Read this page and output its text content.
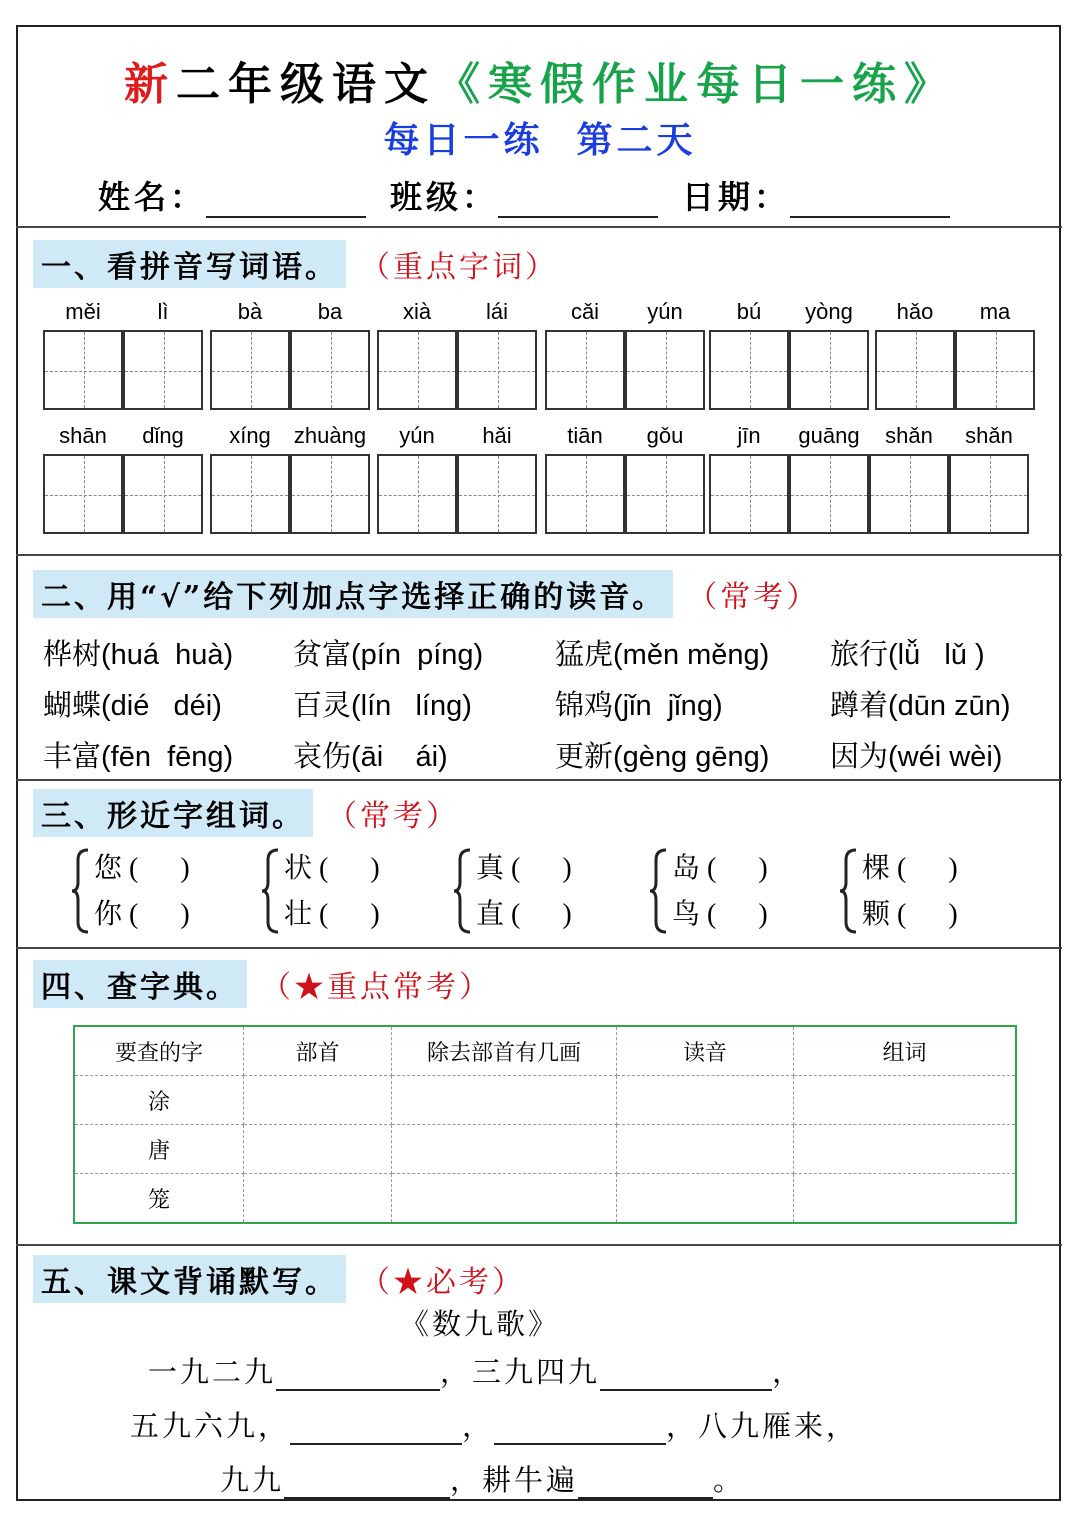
新二年级语文《寒假作业每日一练》
每日一练  第二天
姓名：	班级：	日期：
一、看拼音写词语。 （重点字词）
měi	lì	bà	ba	xià	lái	cǎi	yún	bú	yòng	hǎo	ma
shān	dǐng	xíng	zhuàng	yún	hǎi	tiān	gǒu	jīn	guāng	shǎn	shǎn
二、用“√”给下列加点字选择正确的读音。 （常考）
桦树(huá  huà) 贫富(pín  píng) 猛虎(měn měng) 旅行(lǚ   lǔ )
蝴蝶(dié   déi) 百灵(lín   líng)	锦鸡(jǐn  jǐng)	蹲着(dūn zūn)
丰富(fēn  fēng) 哀伤(āi    ái)	更新(gèng gēng) 因为(wéi wèi)
三、形近字组词。 （常考）
您 (      )
你 (      )
状 (      )
壮 (      )
真 (      )
直 (      )
岛 (      )
鸟 (      )
棵 (      )
颗 (      )
四、查字典。 （★重点常考）
要查的字	部首	除去部首有几画	读音	组词
涂				
唐				
笼				
五、课文背诵默写。 （★必考）
《数九歌》
一九二九	，三九四九	，
五九六九，	，	，八九雁来，
九九	，耕牛遍	。
